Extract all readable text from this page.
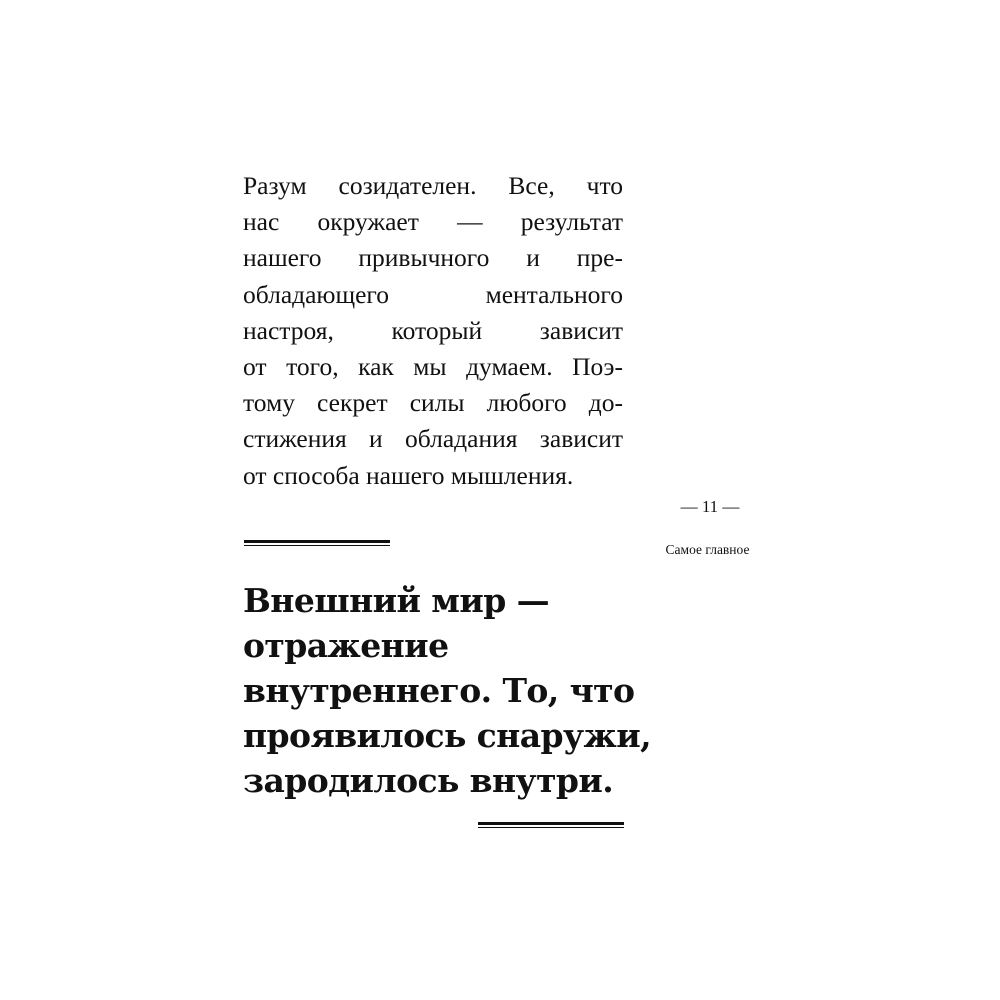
Разум созидателен. Все, что
нас окружает — результат
нашего привычного и пре-
обладающего ментального
настроя, который зависит
от того, как мы думаем. Поэ-
тому секрет силы любого до-
стижения и обладания зависит
от способа нашего мышления.
— 11 —
Самое главное
Внешний мир —
отражение
внутреннего. То, что
проявилось снаружи,
зародилось внутри.
